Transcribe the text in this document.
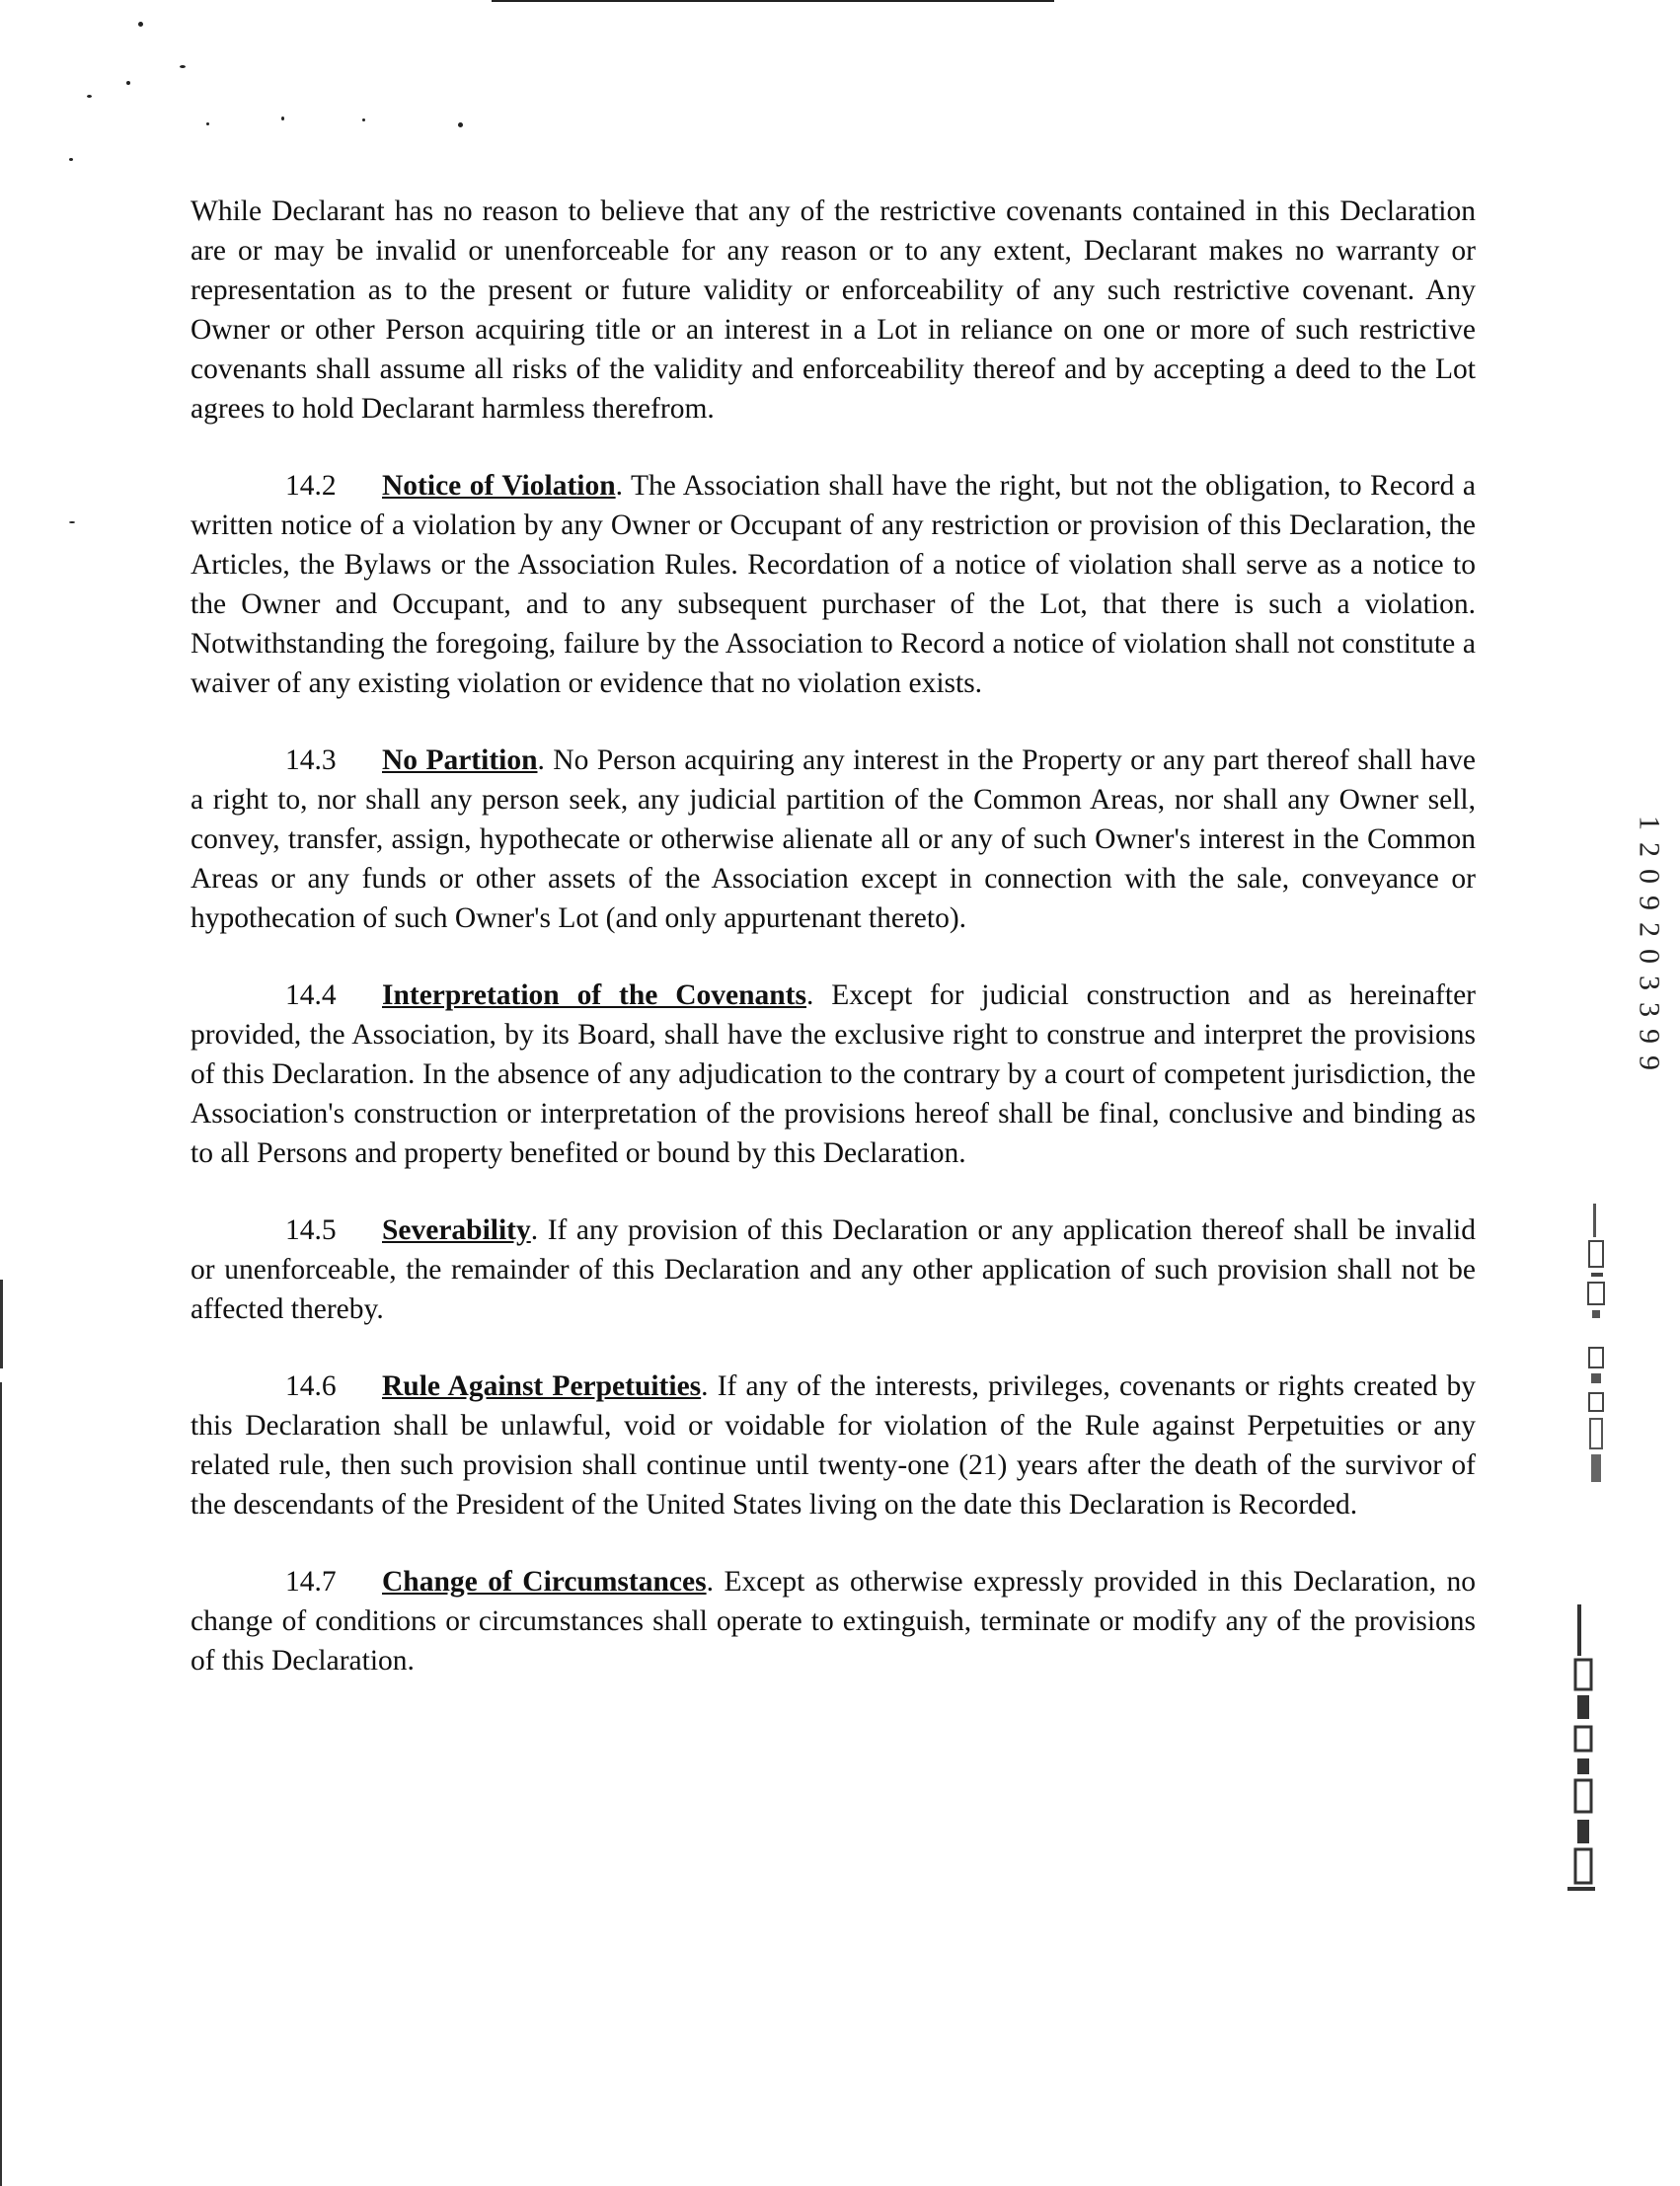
While Declarant has no reason to believe that any of the restrictive covenants contained in this Declaration are or may be invalid or unenforceable for any reason or to any extent, Declarant makes no warranty or representation as to the present or future validity or enforceability of any such restrictive covenant. Any Owner or other Person acquiring title or an interest in a Lot in reliance on one or more of such restrictive covenants shall assume all risks of the validity and enforceability thereof and by accepting a deed to the Lot agrees to hold Declarant harmless therefrom.

14.2 Notice of Violation. The Association shall have the right, but not the obligation, to Record a written notice of a violation by any Owner or Occupant of any restriction or provision of this Declaration, the Articles, the Bylaws or the Association Rules. Recordation of a notice of violation shall serve as a notice to the Owner and Occupant, and to any subsequent purchaser of the Lot, that there is such a violation. Notwithstanding the foregoing, failure by the Association to Record a notice of violation shall not constitute a waiver of any existing violation or evidence that no violation exists.

14.3 No Partition. No Person acquiring any interest in the Property or any part thereof shall have a right to, nor shall any person seek, any judicial partition of the Common Areas, nor shall any Owner sell, convey, transfer, assign, hypothecate or otherwise alienate all or any of such Owner's interest in the Common Areas or any funds or other assets of the Association except in connection with the sale, conveyance or hypothecation of such Owner's Lot (and only appurtenant thereto).

14.4 Interpretation of the Covenants. Except for judicial construction and as hereinafter provided, the Association, by its Board, shall have the exclusive right to construe and interpret the provisions of this Declaration. In the absence of any adjudication to the contrary by a court of competent jurisdiction, the Association's construction or interpretation of the provisions hereof shall be final, conclusive and binding as to all Persons and property benefited or bound by this Declaration.

14.5 Severability. If any provision of this Declaration or any application thereof shall be invalid or unenforceable, the remainder of this Declaration and any other application of such provision shall not be affected thereby.

14.6 Rule Against Perpetuities. If any of the interests, privileges, covenants or rights created by this Declaration shall be unlawful, void or voidable for violation of the Rule against Perpetuities or any related rule, then such provision shall continue until twenty-one (21) years after the death of the survivor of the descendants of the President of the United States living on the date this Declaration is Recorded.

14.7 Change of Circumstances. Except as otherwise expressly provided in this Declaration, no change of conditions or circumstances shall operate to extinguish, terminate or modify any of the provisions of this Declaration.

1
2
0
9
2
0
3
3
9
9
